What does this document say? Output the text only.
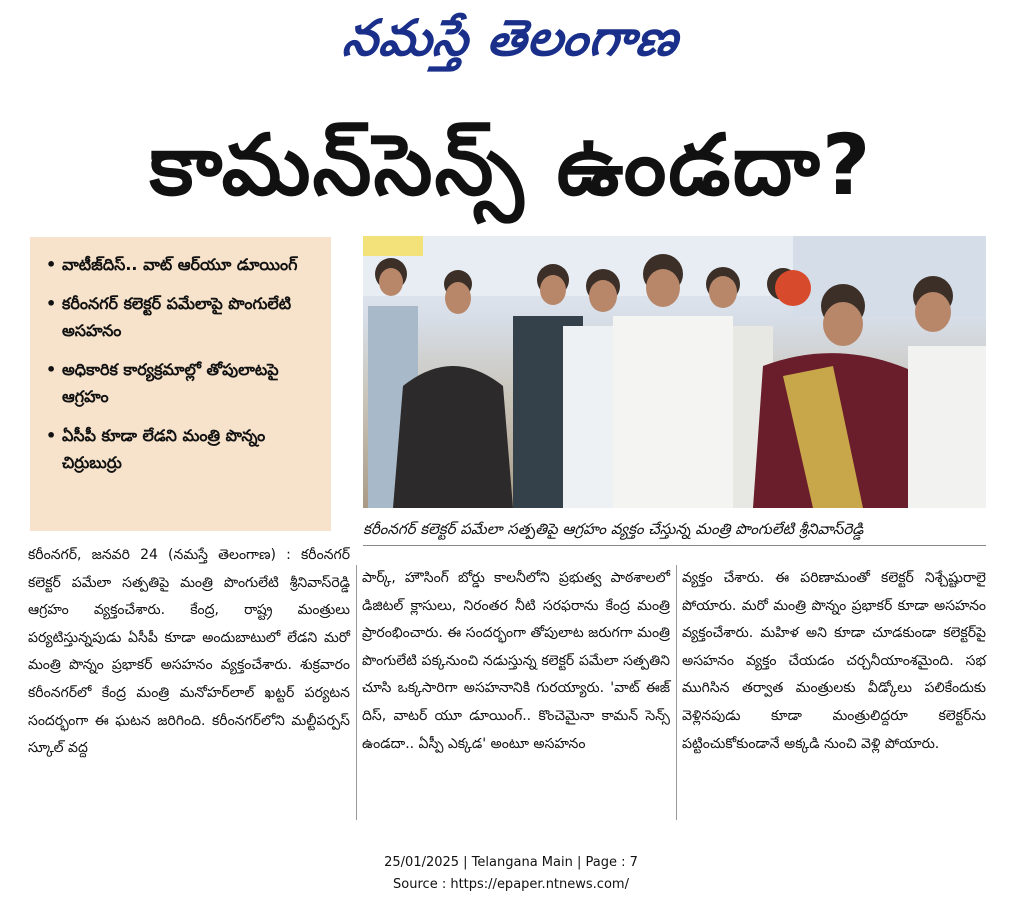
నమస్తే తెలంగాణ
కామన్‌సెన్స్ ఉండదా?
• వాటీజ్‌దిస్.. వాట్ ఆర్‌యూ డూయింగ్
• కరీంనగర్ కలెక్టర్ పమేలాపై పొంగులేటి అసహనం
• అధికారిక కార్యక్రమాల్లో తోపులాటపై ఆగ్రహం
• ఏసీపీ కూడా లేడని మంత్రి పొన్నం చిర్రుబుర్రు
కరీంనగర్ కలెక్టర్ పమేలా సత్పతిపై ఆగ్రహం వ్యక్తం చేస్తున్న మంత్రి పొంగులేటి శ్రీనివాస్‌రెడ్డి
కరీంనగర్, జనవరి 24 (నమస్తే తెలంగాణ) : కరీంనగర్ కలెక్టర్ పమేలా సత్పతిపై మంత్రి పొంగులేటి శ్రీనివాస్‌రెడ్డి ఆగ్రహం వ్యక్తంచేశారు. కేంద్ర, రాష్ట్ర మంత్రులు పర్యటిస్తున్నపుడు ఏసీపీ కూడా అందుబాటులో లేడని మరో మంత్రి పొన్నం ప్రభాకర్ అసహనం వ్యక్తంచేశారు. శుక్రవారం కరీంనగర్‌లో కేంద్ర మంత్రి మనోహర్‌లాల్ ఖట్టర్ పర్యటన సందర్భంగా ఈ ఘటన జరిగింది. కరీంనగర్‌లోని మల్టీపర్పస్ స్కూల్ వద్ద
పార్క్, హౌసింగ్ బోర్డు కాలనీలోని ప్రభుత్వ పాఠశాలలో డిజిటల్ క్లాసులు, నిరంతర నీటి సరఫరాను కేంద్ర మంత్రి ప్రారంభించారు. ఈ సందర్భంగా తోపులాట జరుగగా మంత్రి పొంగులేటి పక్కనుంచి నడుస్తున్న కలెక్టర్ పమేలా సత్పతిని చూసి ఒక్కసారిగా అసహనానికి గురయ్యారు. 'వాట్ ఈజ్ దిస్, వాటర్ యూ డూయింగ్.. కొంచెమైనా కామన్ సెన్స్ ఉండదా.. ఏస్పీ ఎక్కడ' అంటూ అసహనం
వ్యక్తం చేశారు. ఈ పరిణామంతో కలెక్టర్ నిశ్చేష్టురాలై పోయారు. మరో మంత్రి పొన్నం ప్రభాకర్ కూడా అసహనం వ్యక్తంచేశారు. మహిళ అని కూడా చూడకుండా కలెక్టర్‌పై అసహనం వ్యక్తం చేయడం చర్చనీయాంశమైంది. సభ ముగిసిన తర్వాత మంత్రులకు వీడ్కోలు పలికేందుకు వెళ్లినపుడు కూడా మంత్రులిద్దరూ కలెక్టర్‌ను పట్టించుకోకుండానే అక్కడి నుంచి వెళ్లి పోయారు.
25/01/2025 | Telangana Main | Page : 7
Source : https://epaper.ntnews.com/
